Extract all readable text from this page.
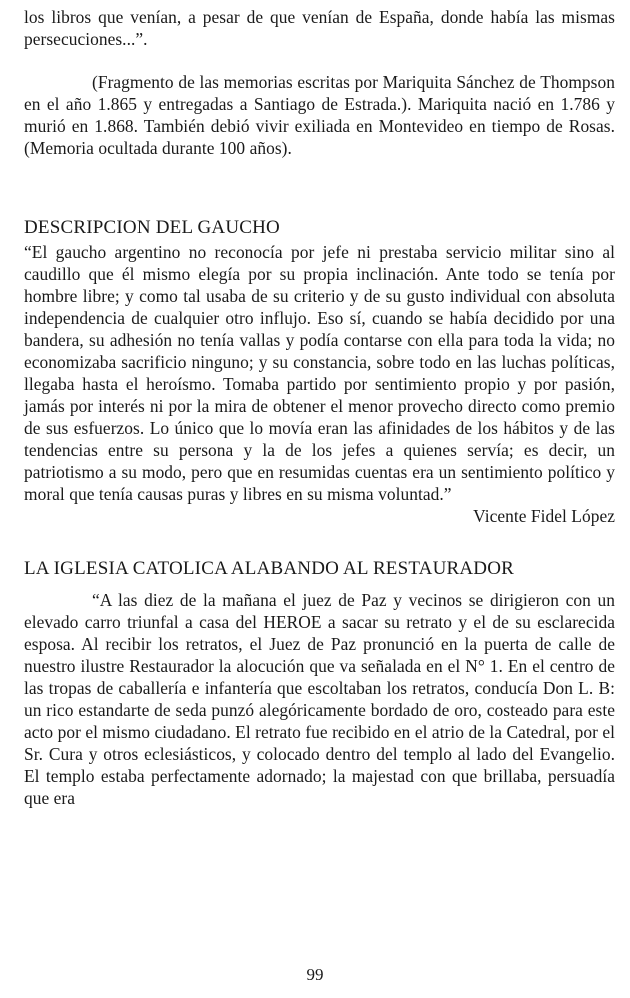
los libros que venían, a pesar de que venían de España, donde había las mismas persecuciones...”.

(Fragmento de las memorias escritas por Mariquita Sánchez de Thompson en el año 1.865 y entregadas a Santiago de Estrada.). Mariquita nació en 1.786 y murió en 1.868. También debió vivir exiliada en Montevideo en tiempo de Rosas. (Memoria ocultada durante 100 años).

DESCRIPCION DEL GAUCHO

“El gaucho argentino no reconocía por jefe ni prestaba servicio militar sino al caudillo que él mismo elegía por su propia inclinación. Ante todo se tenía por hombre libre; y como tal usaba de su criterio y de su gusto individual con absoluta independencia de cualquier otro influjo. Eso sí, cuando se había decidido por una bandera, su adhesión no tenía vallas y podía contarse con ella para toda la vida; no economizaba sacrificio ninguno; y su constancia, sobre todo en las luchas políticas, llegaba hasta el heroísmo. Tomaba partido por sentimiento propio y por pasión, jamás por interés ni por la mira de obtener el menor provecho directo como premio de sus esfuerzos. Lo único que lo movía eran las afinidades de los hábitos y de las tendencias entre su persona y la de los jefes a quienes servía; es decir, un patriotismo a su modo, pero que en resumidas cuentas era un sentimiento político y moral que tenía causas puras y libres en su misma voluntad.”

Vicente Fidel López

LA IGLESIA CATOLICA ALABANDO AL RESTAURADOR

“A las diez de la mañana el juez de Paz y vecinos se dirigieron con un elevado carro triunfal a casa del HEROE a sacar su retrato y el de su esclarecida esposa. Al recibir los retratos, el Juez de Paz pronunció en la puerta de calle de nuestro ilustre Restaurador la alocución que va señalada en el N° 1. En el centro de las tropas de caballería e infantería que escoltaban los retratos, conducía Don L. B: un rico estandarte de seda punzó alegóricamente bordado de oro, costeado para este acto por el mismo ciudadano. El retrato fue recibido en el atrio de la Catedral, por el Sr. Cura y otros eclesiásticos, y colocado dentro del templo al lado del Evangelio. El templo estaba perfectamente adornado; la majestad con que brillaba, persuadía que era

99
